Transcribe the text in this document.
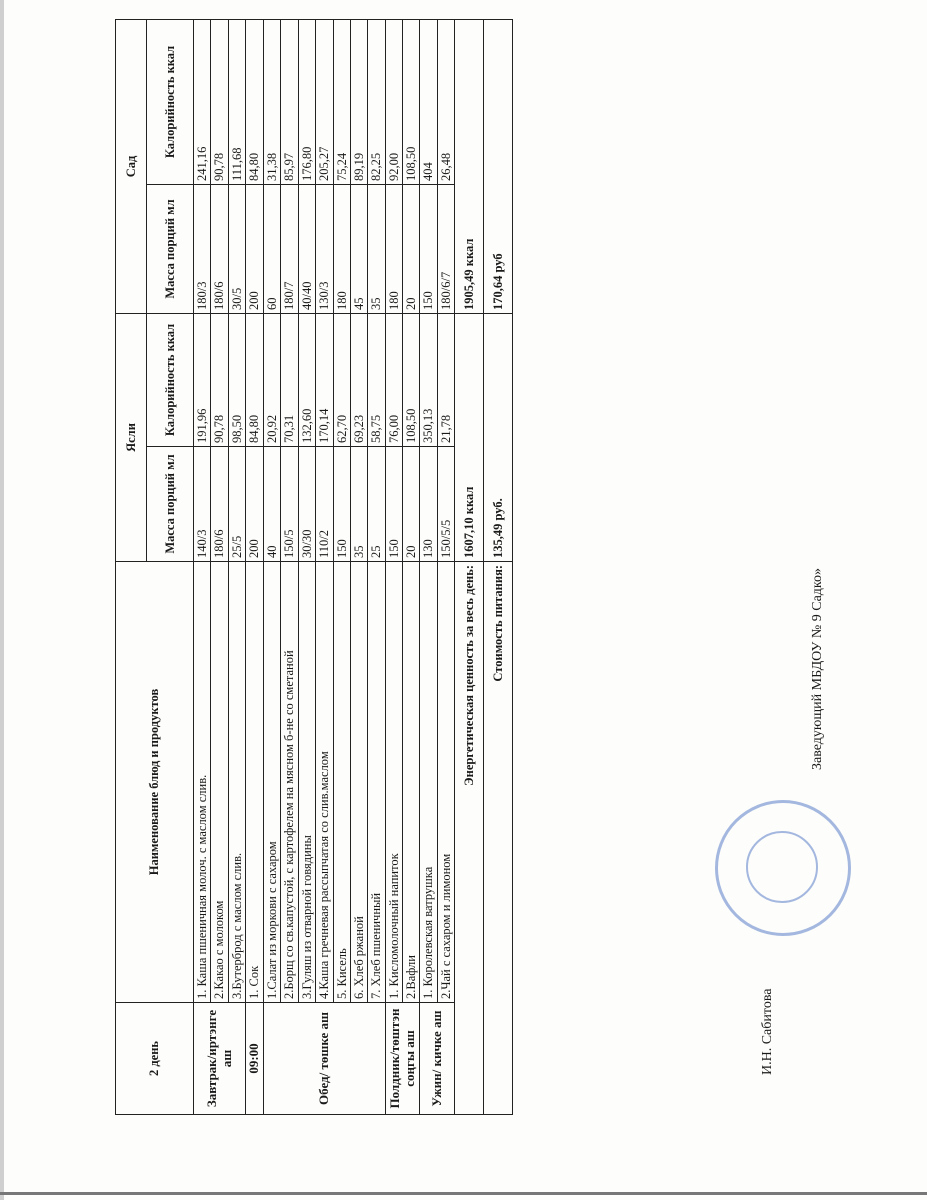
Заведующий МБДОУ № 9 Садко»
И.Н. Сабитова
2 день	Наименование блюд и продуктов	Ясли		Сад	
		Масса порций мл	Калорийность ккал	Масса порций мл	Калорийность ккал
Завтрак/иртэнге аш	1. Каша пшеничная молоч. с маслом слив.	140/3	191,96	180/3	241,16
	2.Какао с молоком	180/6	90,78	180/6	90,78
	3.Бутерброд с маслом слив.	25/5	98,50	30/5	111,68
09:00	1. Сок	200	84,80	200	84,80
Обед/ төшке аш	1.Салат из моркови с сахаром	40	20,92	60	31,38
	2.Борщ со св.капустой, с картофелем на мясном б-не со сметаной	150/5	70,31	180/7	85,97
	3.Гуляш из отварной говядины	30/30	132,60	40/40	176,80
	4.Каша гречневая рассыпчатая со слив.маслом	110/2	170,14	130/3	205,27
	5. Кисель	150	62,70	180	75,24
	6. Хлеб ржаной	35	69,23	45	89,19
	7. Хлеб пшеничный	25	58,75	35	82,25
Полдник/төштэн соңгы аш	1. Кисломолочный напиток	150	76,00	180	92,00
	2.Вафли	20	108,50	20	108,50
Ужин/ кичке аш	1. Королевская ватрушка	130	350,13	150	404
	2.Чай с сахаром и лимоном	150/5/5	21,78	180/6/7	26,48
Энергетическая ценность за весь день:		1607,10 ккал		1905,49 ккал	
Стоимость питания:		135,49 руб.		170,64 руб	
